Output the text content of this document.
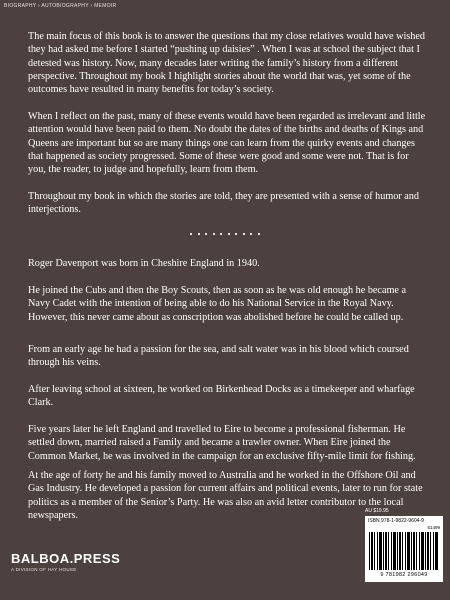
BIOGRAPHY › AUTOBIOGRAPHY › MEMOIR

The main focus of this book is to answer the questions that my close relatives would have wished they had asked me before I started “pushing up daisies” . When I was at school the subject that I detested was history. Now, many decades later writing the family’s history from a different perspective. Throughout my book I highlight stories about the world that was, yet some of the outcomes have resulted in many benefits for today’s society.

When I reflect on the past, many of these events would have been regarded as irrelevant and little attention would have been paid to them. No doubt the dates of the births and deaths of Kings and Queens are important but so are many things one can learn from the quirky events and changes that happened as society progressed. Some of these were good and some were not. That is for you, the reader, to judge and hopefully, learn from them.

Throughout my book in which the stories are told, they are presented with a sense of humor and interjections.

Roger Davenport was born in Cheshire England in 1940.

He joined the Cubs and then the Boy Scouts, then as soon as he was old enough he became a Navy Cadet with the intention of being able to do his National Service in the Royal Navy. However, this never came about as conscription was abolished before he could be called up.

From an early age he had a passion for the sea, and salt water was in his blood which coursed through his veins.

After leaving school at sixteen, he worked on Birkenhead Docks as a timekeeper and wharfage Clark.

Five years later he left England and travelled to Eire to become a professional fisherman. He settled down, married raised a Family and became a trawler owner. When Eire joined the Common Market, he was involved in the campaign for an exclusive fifty-mile limit for fishing.

At the age of forty he and his family moved to Australia and he worked in the Offshore Oil and Gas Industry. He developed a passion for current affairs and political events, later to run for state politics as a member of the Senior’s Party. He was also an avid letter contributor to the local newspapers.	AU $19.95
ISBN 978-1-9822-9604-9
51499
9 781982 296049
BALBOA.PRESS
A DIVISION OF HAY HOUSE
